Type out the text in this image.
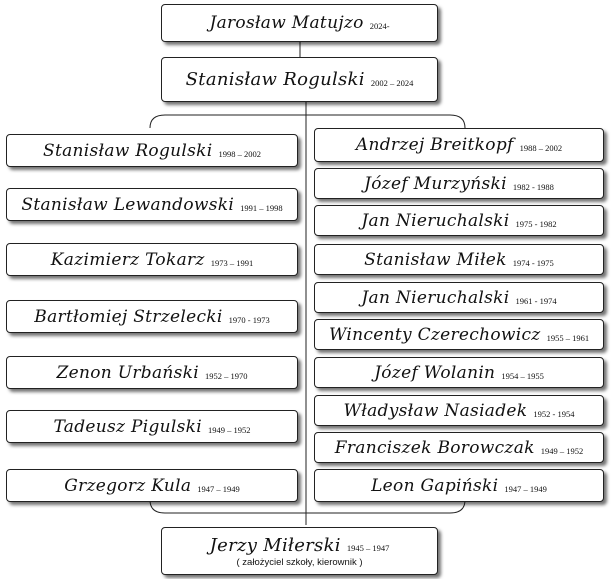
Jarosław Matujzo 2024-
Stanisław Rogulski 2002 – 2024
Stanisław Rogulski 1998 – 2002
Stanisław Lewandowski 1991 – 1998
Kazimierz Tokarz 1973 – 1991
Bartłomiej Strzelecki 1970 - 1973
Zenon Urbański 1952 – 1970
Tadeusz Pigulski 1949 – 1952
Grzegorz Kula 1947 – 1949
Andrzej Breitkopf 1988 – 2002
Józef Murzyński 1982 - 1988
Jan Nieruchalski 1975 - 1982
Stanisław Miłek 1974 - 1975
Jan Nieruchalski 1961 - 1974
Wincenty Czerechowicz 1955 – 1961
Józef Wolanin 1954 – 1955
Władysław Nasiadek 1952 - 1954
Franciszek Borowczak 1949 – 1952
Leon Gapiński 1947 – 1949
Jerzy Miłerski 1945 – 1947
( założyciel szkoły, kierownik )
